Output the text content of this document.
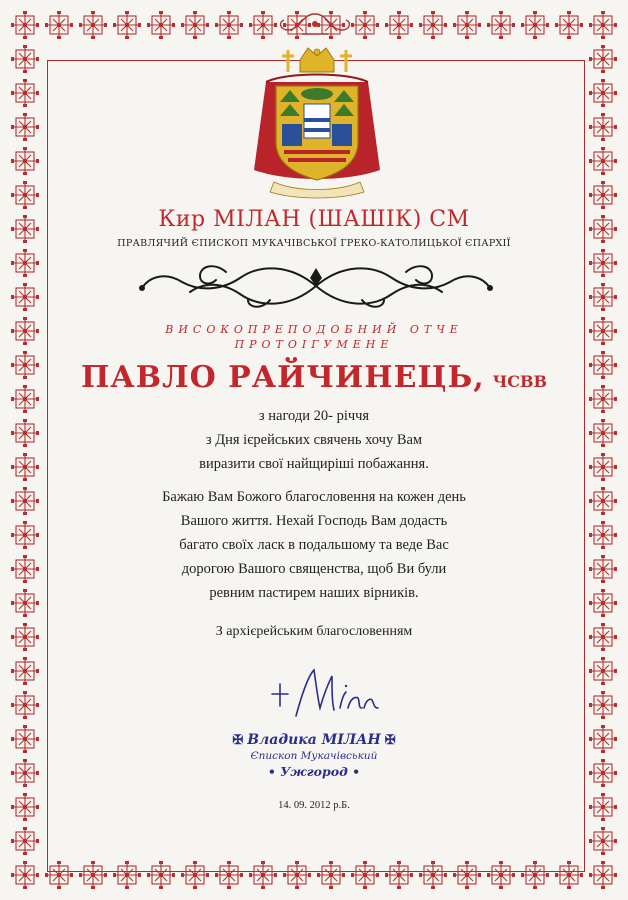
Кир МІЛАН (ШАШІК) СМ
ПРАВЛЯЧИЙ ЄПИСКОП МУКАЧІВСЬКОЇ ГРЕКО-КАТОЛИЦЬКОЇ ЄПАРХІЇ
ВИСОКОПРЕПОДОБНИЙ ОТЧЕ
ПРОТОІГУМЕНЕ
ПАВЛО РАЙЧИНЕЦЬ, ЧСВВ
з нагоди 20- річчя
з Дня ієрейських свячень хочу Вам
виразити свої найщиріші побажання.
Бажаю Вам Божого благословення на кожен день
Вашого життя. Нехай Господь Вам додасть
багато своїх ласк в подальшому та веде Вас
дорогою Вашого священства, щоб Ви були
ревним пастирем наших вірників.
З архієрейським благословенням
✠ Владика МІЛАН ✠
Єпископ Мукачівський
• Ужгород •
14. 09. 2012 р.Б.
